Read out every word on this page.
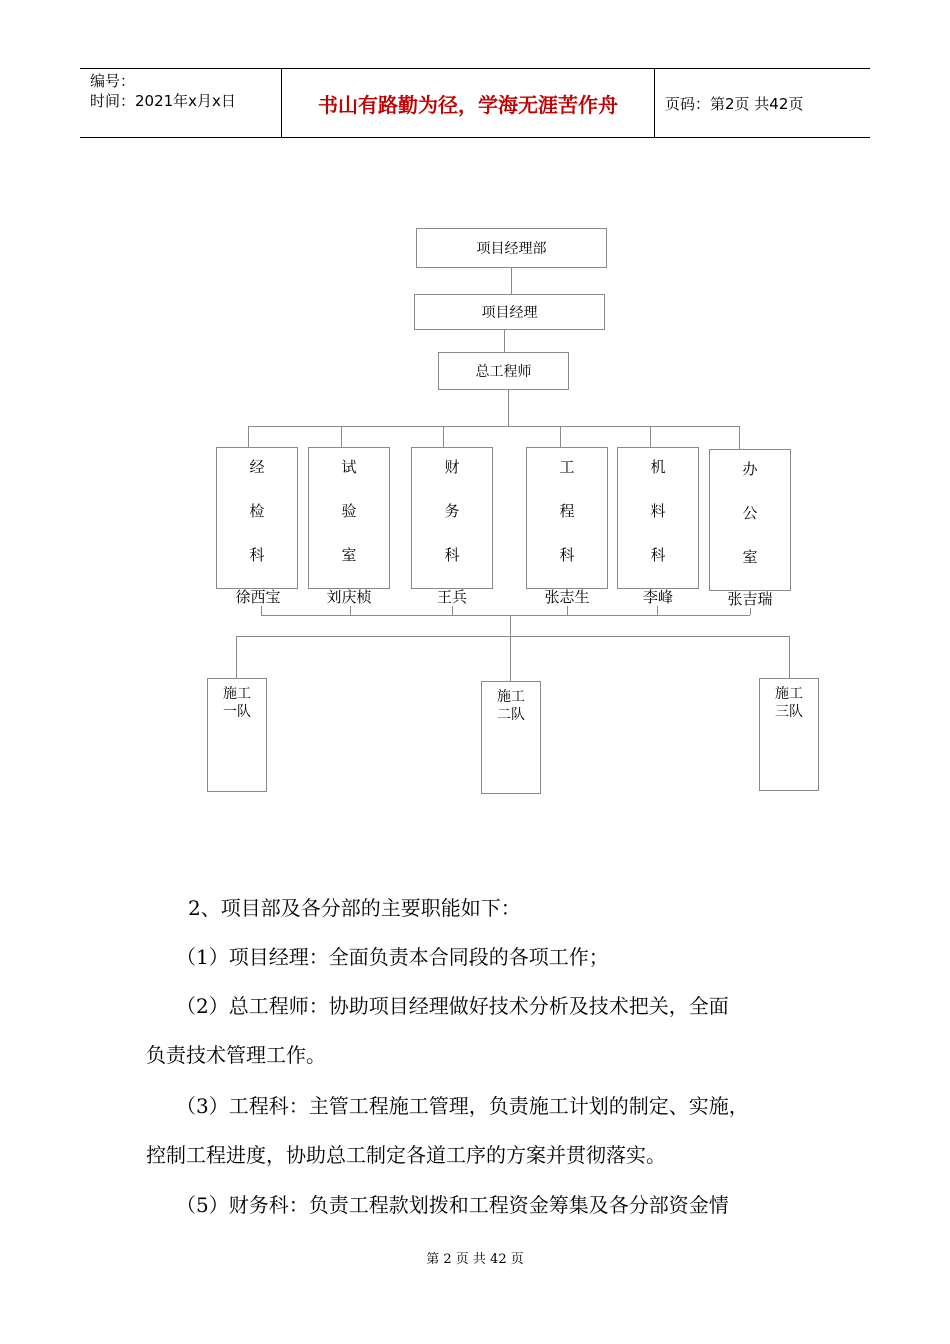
编号：
时间：2021年x月x日	书山有路勤为径，学海无涯苦作舟	页码：第2页 共42页
项目经理部
项目经理
总工程师
经
检
科
试
验
室
财
务
科
工
程
科
机
料
科
办
公
室
徐西宝	刘庆桢	王兵	张志生	李峰	张吉瑞
施工
一队
施工
二队
施工
三队
2、项目部及各分部的主要职能如下：
（1）项目经理：全面负责本合同段的各项工作；
（2）总工程师：协助项目经理做好技术分析及技术把关，全面
负责技术管理工作。
（3）工程科：主管工程施工管理，负责施工计划的制定、实施，
控制工程进度，协助总工制定各道工序的方案并贯彻落实。
（5）财务科：负责工程款划拨和工程资金筹集及各分部资金情
第 2 页 共 42 页
